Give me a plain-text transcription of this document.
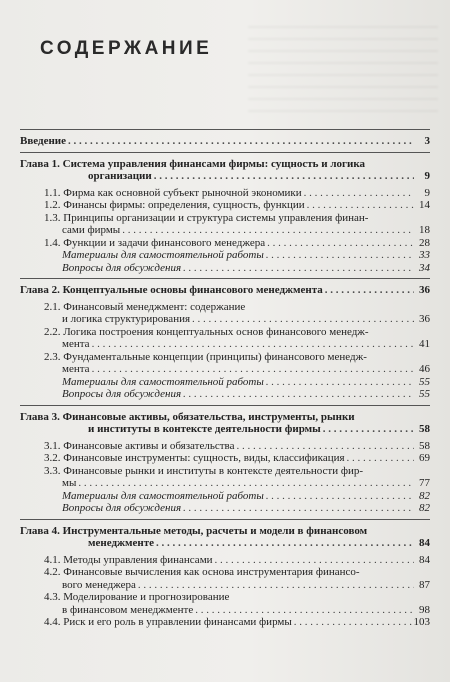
СОДЕРЖАНИЕ
Введение . . .	3
Глава 1. Система управления финансами фирмы: сущность и логика
организации . . .	9
1.1. Фирма как основной субъект рыночной экономики . . .	9
1.2. Финансы фирмы: определения, сущность, функции . . .	14
1.3. Принципы организации и структура системы управления финан-
сами фирмы . . .	18
1.4. Функции и задачи финансового менеджера . . .	28
Материалы для самостоятельной работы . . .	33
Вопросы для обсуждения . . .	34
Глава 2. Концептуальные основы финансового менеджмента . . .	36
2.1. Финансовый менеджмент: содержание
и логика структурирования . . .	36
2.2. Логика построения концептуальных основ финансового менедж-
мента . . .	41
2.3. Фундаментальные концепции (принципы) финансового менедж-
мента . . .	46
Материалы для самостоятельной работы . . .	55
Вопросы для обсуждения . . .	55
Глава 3. Финансовые активы, обязательства, инструменты, рынки
и институты в контексте деятельности фирмы . . .	58
3.1. Финансовые активы и обязательства . . .	58
3.2. Финансовые инструменты: сущность, виды, классификация . . .	69
3.3. Финансовые рынки и институты в контексте деятельности фир-
мы . . .	77
Материалы для самостоятельной работы . . .	82
Вопросы для обсуждения . . .	82
Глава 4. Инструментальные методы, расчеты и модели в финансовом
менеджменте . . .	84
4.1. Методы управления финансами . . .	84
4.2. Финансовые вычисления как основа инструментария финансо-
вого менеджера . . .	87
4.3. Моделирование и прогнозирование
в финансовом менеджменте . . .	98
4.4. Риск и его роль в управлении финансами фирмы . . .	103
